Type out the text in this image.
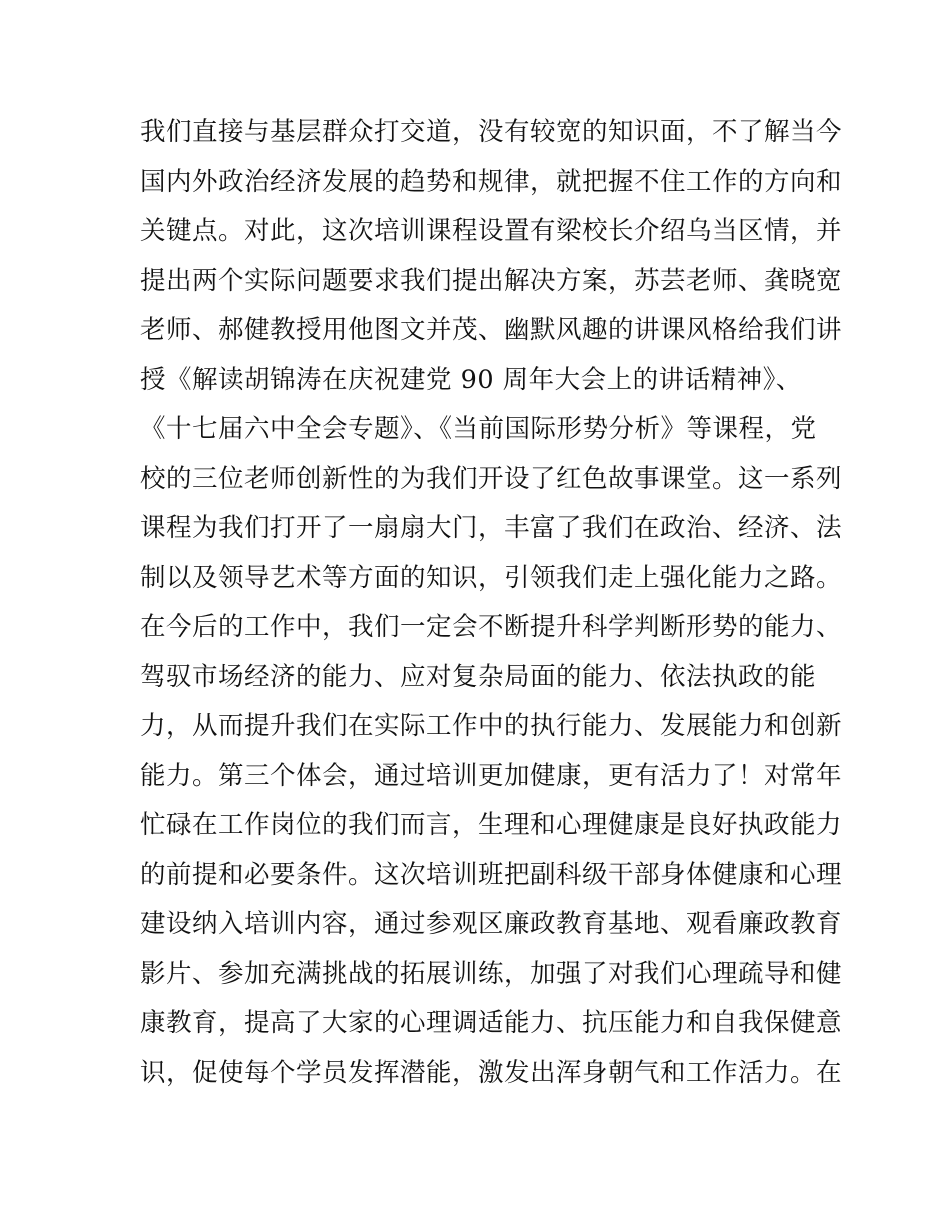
我们直接与基层群众打交道，没有较宽的知识面，不了解当今
国内外政治经济发展的趋势和规律，就把握不住工作的方向和
关键点。对此，这次培训课程设置有梁校长介绍乌当区情，并
提出两个实际问题要求我们提出解决方案，苏芸老师、龚晓宽
老师、郝健教授用他图文并茂、幽默风趣的讲课风格给我们讲
授《解读胡锦涛在庆祝建党 90 周年大会上的讲话精神》、
《十七届六中全会专题》、《当前国际形势分析》等课程，党
校的三位老师创新性的为我们开设了红色故事课堂。这一系列
课程为我们打开了一扇扇大门，丰富了我们在政治、经济、法
制以及领导艺术等方面的知识，引领我们走上强化能力之路。
在今后的工作中，我们一定会不断提升科学判断形势的能力、
驾驭市场经济的能力、应对复杂局面的能力、依法执政的能
力，从而提升我们在实际工作中的执行能力、发展能力和创新
能力。第三个体会，通过培训更加健康，更有活力了！对常年
忙碌在工作岗位的我们而言，生理和心理健康是良好执政能力
的前提和必要条件。这次培训班把副科级干部身体健康和心理
建设纳入培训内容，通过参观区廉政教育基地、观看廉政教育
影片、参加充满挑战的拓展训练，加强了对我们心理疏导和健
康教育，提高了大家的心理调适能力、抗压能力和自我保健意
识，促使每个学员发挥潜能，激发出浑身朝气和工作活力。在
